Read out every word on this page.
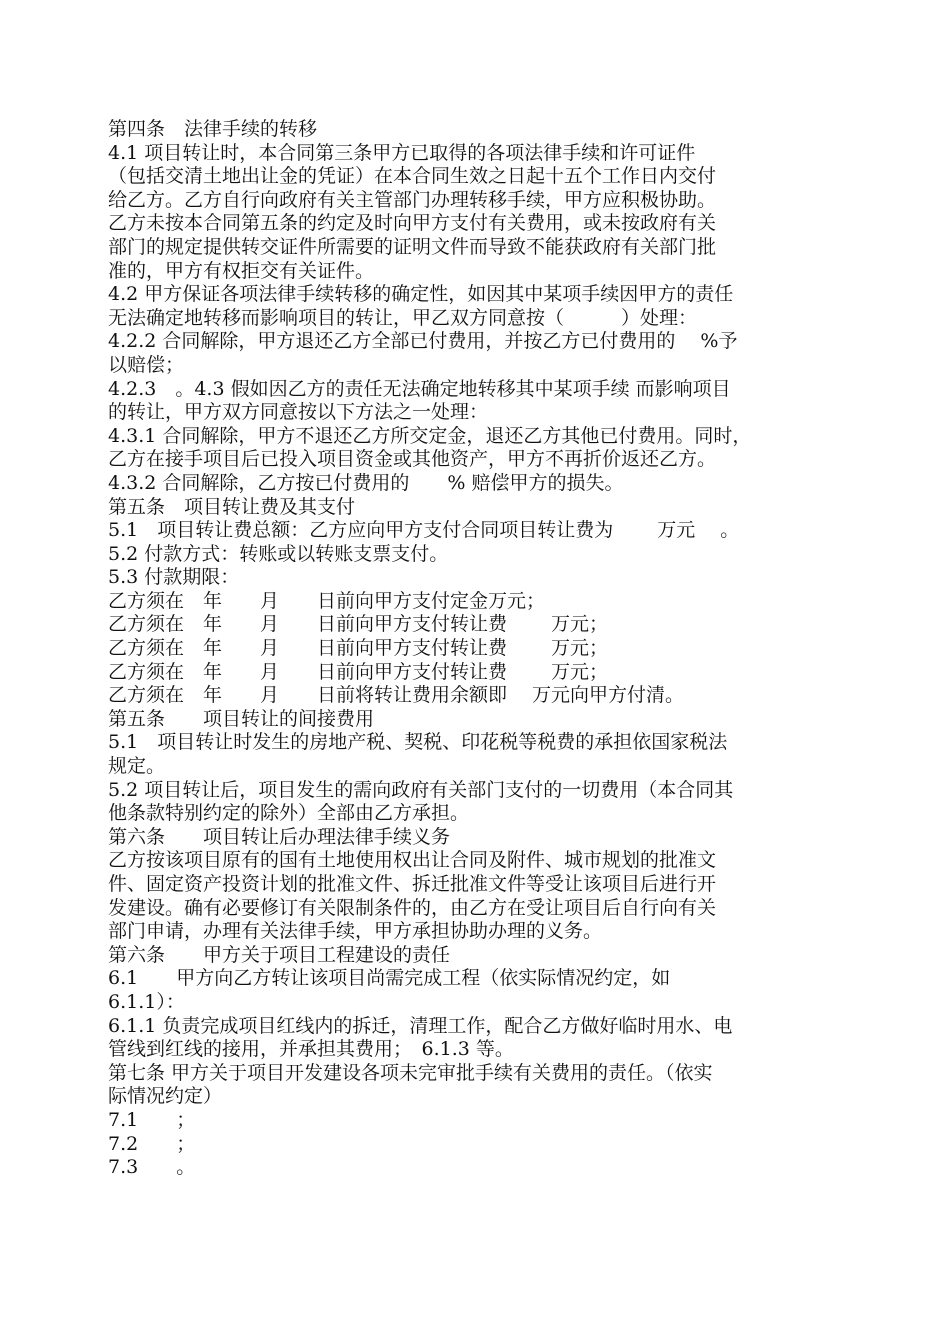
第四条　法律手续的转移
4.1 项目转让时，本合同第三条甲方已取得的各项法律手续和许可证件
（包括交清土地出让金的凭证）在本合同生效之日起十五个工作日内交付
给乙方。乙方自行向政府有关主管部门办理转移手续，甲方应积极协助。
乙方未按本合同第五条的约定及时向甲方支付有关费用，或未按政府有关
部门的规定提供转交证件所需要的证明文件而导致不能获政府有关部门批
准的，甲方有权拒交有关证件。
4.2 甲方保证各项法律手续转移的确定性，如因其中某项手续因甲方的责任
无法确定地转移而影响项目的转让，甲乙双方同意按（　　　）处理：
4.2.2 合同解除，甲方退还乙方全部已付费用，并按乙方已付费用的　 %予
以赔偿；
4.2.3　。4.3 假如因乙方的责任无法确定地转移其中某项手续 而影响项目
的转让，甲方双方同意按以下方法之一处理：
4.3.1 合同解除，甲方不退还乙方所交定金，退还乙方其他已付费用。同时，
乙方在接手项目后已投入项目资金或其他资产，甲方不再折价返还乙方。
4.3.2 合同解除，乙方按已付费用的　　% 赔偿甲方的损失。
第五条　项目转让费及其支付
5.1　项目转让费总额：乙方应向甲方支付合同项目转让费为　　 万元　 。
5.2 付款方式：转账或以转账支票支付。
5.3 付款期限：
乙方须在　年　　月　　日前向甲方支付定金万元；
乙方须在　年　　月　　日前向甲方支付转让费　　 万元；
乙方须在　年　　月　　日前向甲方支付转让费　　 万元；
乙方须在　年　　月　　日前向甲方支付转让费　　 万元；
乙方须在　年　　月　　日前将转让费用余额即　 万元向甲方付清。
第五条　　项目转让的间接费用
5.1　项目转让时发生的房地产税、契税、印花税等税费的承担依国家税法
规定。
5.2 项目转让后，项目发生的需向政府有关部门支付的一切费用（本合同其
他条款特别约定的除外）全部由乙方承担。
第六条　　项目转让后办理法律手续义务
乙方按该项目原有的国有土地使用权出让合同及附件、城市规划的批准文
件、固定资产投资计划的批准文件、拆迁批准文件等受让该项目后进行开
发建设。确有必要修订有关限制条件的，由乙方在受让项目后自行向有关
部门申请，办理有关法律手续，甲方承担协助办理的义务。
第六条　　甲方关于项目工程建设的责任
6.1　　甲方向乙方转让该项目尚需完成工程（依实际情况约定，如
6.1.1）：
6.1.1 负责完成项目红线内的拆迁，清理工作，配合乙方做好临时用水、电
管线到红线的接用，并承担其费用；　6.1.3 等。
第七条 甲方关于项目开发建设各项未完审批手续有关费用的责任。（依实
际情况约定）
7.1　　；
7.2　　；
7.3　　。
